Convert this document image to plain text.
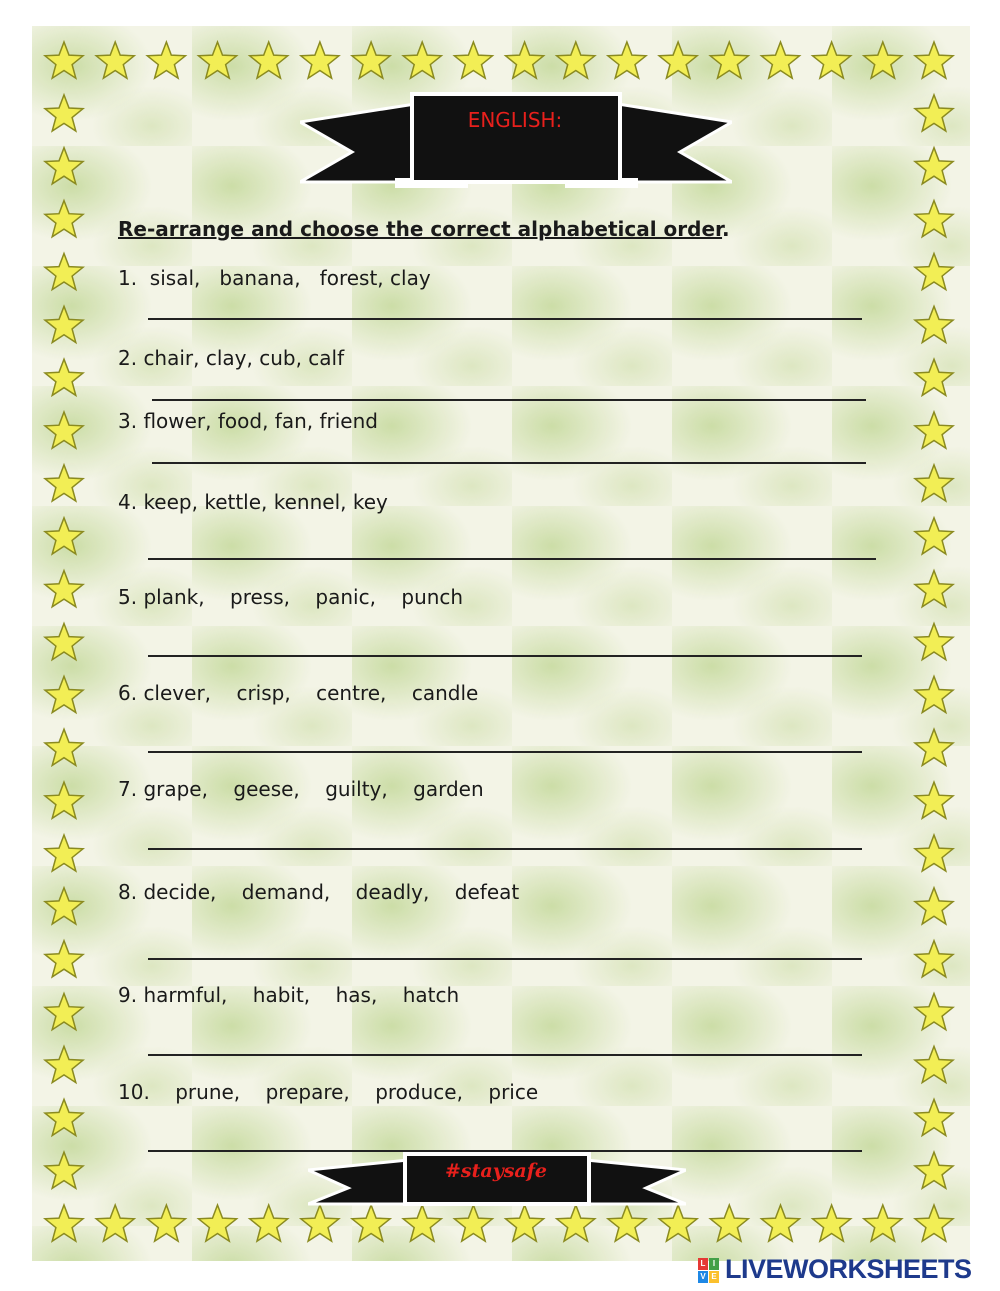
ENGLISH:
Re-arrange and choose the correct alphabetical order.
1.  sisal,   banana,   forest, clay
2. chair, clay, cub, calf
3. flower, food, fan, friend
4. keep, kettle, kennel, key
5. plank,    press,    panic,    punch
6. clever,    crisp,    centre,    candle
7. grape,    geese,    guilty,    garden
8. decide,    demand,    deadly,    defeat
9. harmful,    habit,    has,    hatch
10.    prune,    prepare,    produce,    price
#staysafe
L I
V E LIVEWORKSHEETS
